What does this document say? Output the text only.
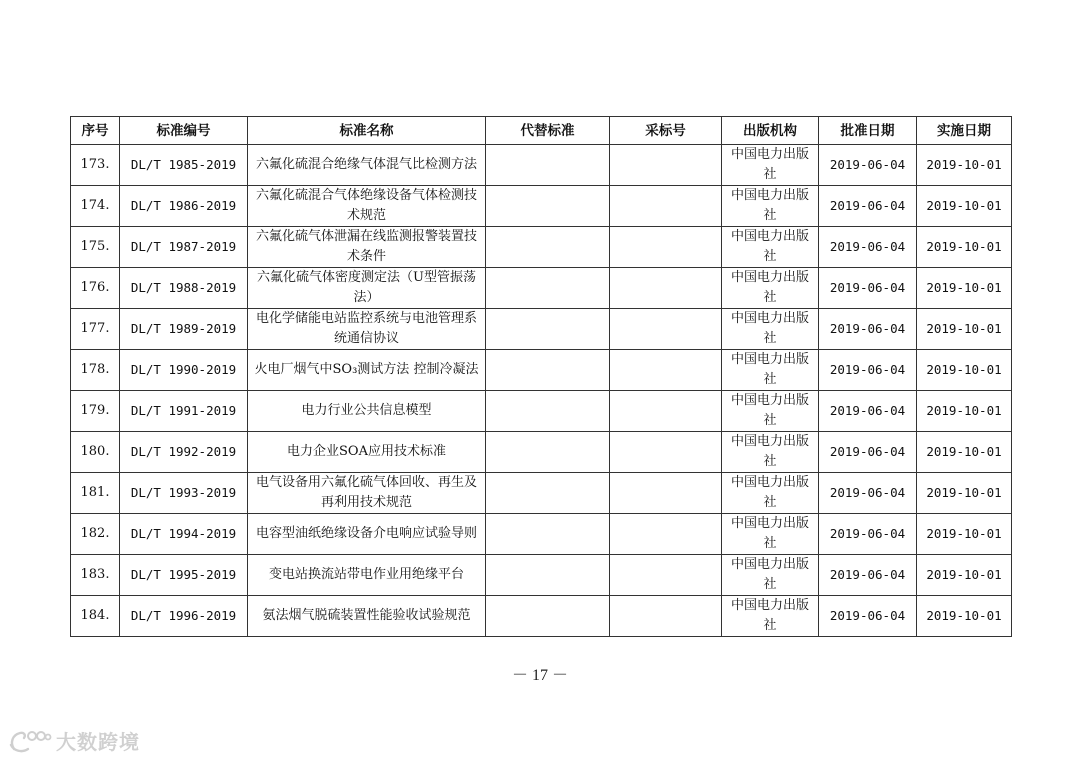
序号	标准编号	标准名称	代替标准	采标号	出版机构	批准日期	实施日期
173.	DL/T 1985-2019	六氟化硫混合绝缘气体混气比检测方法			中国电力出版社	2019-06-04	2019-10-01
174.	DL/T 1986-2019	六氟化硫混合气体绝缘设备气体检测技术规范			中国电力出版社	2019-06-04	2019-10-01
175.	DL/T 1987-2019	六氟化硫气体泄漏在线监测报警装置技术条件			中国电力出版社	2019-06-04	2019-10-01
176.	DL/T 1988-2019	六氟化硫气体密度测定法（U型管振荡法）			中国电力出版社	2019-06-04	2019-10-01
177.	DL/T 1989-2019	电化学储能电站监控系统与电池管理系统通信协议			中国电力出版社	2019-06-04	2019-10-01
178.	DL/T 1990-2019	火电厂烟气中SO₃测试方法 控制冷凝法			中国电力出版社	2019-06-04	2019-10-01
179.	DL/T 1991-2019	电力行业公共信息模型			中国电力出版社	2019-06-04	2019-10-01
180.	DL/T 1992-2019	电力企业SOA应用技术标准			中国电力出版社	2019-06-04	2019-10-01
181.	DL/T 1993-2019	电气设备用六氟化硫气体回收、再生及再利用技术规范			中国电力出版社	2019-06-04	2019-10-01
182.	DL/T 1994-2019	电容型油纸绝缘设备介电响应试验导则			中国电力出版社	2019-06-04	2019-10-01
183.	DL/T 1995-2019	变电站换流站带电作业用绝缘平台			中国电力出版社	2019-06-04	2019-10-01
184.	DL/T 1996-2019	氨法烟气脱硫装置性能验收试验规范			中国电力出版社	2019-06-04	2019-10-01
－ 17 －
大数跨境
